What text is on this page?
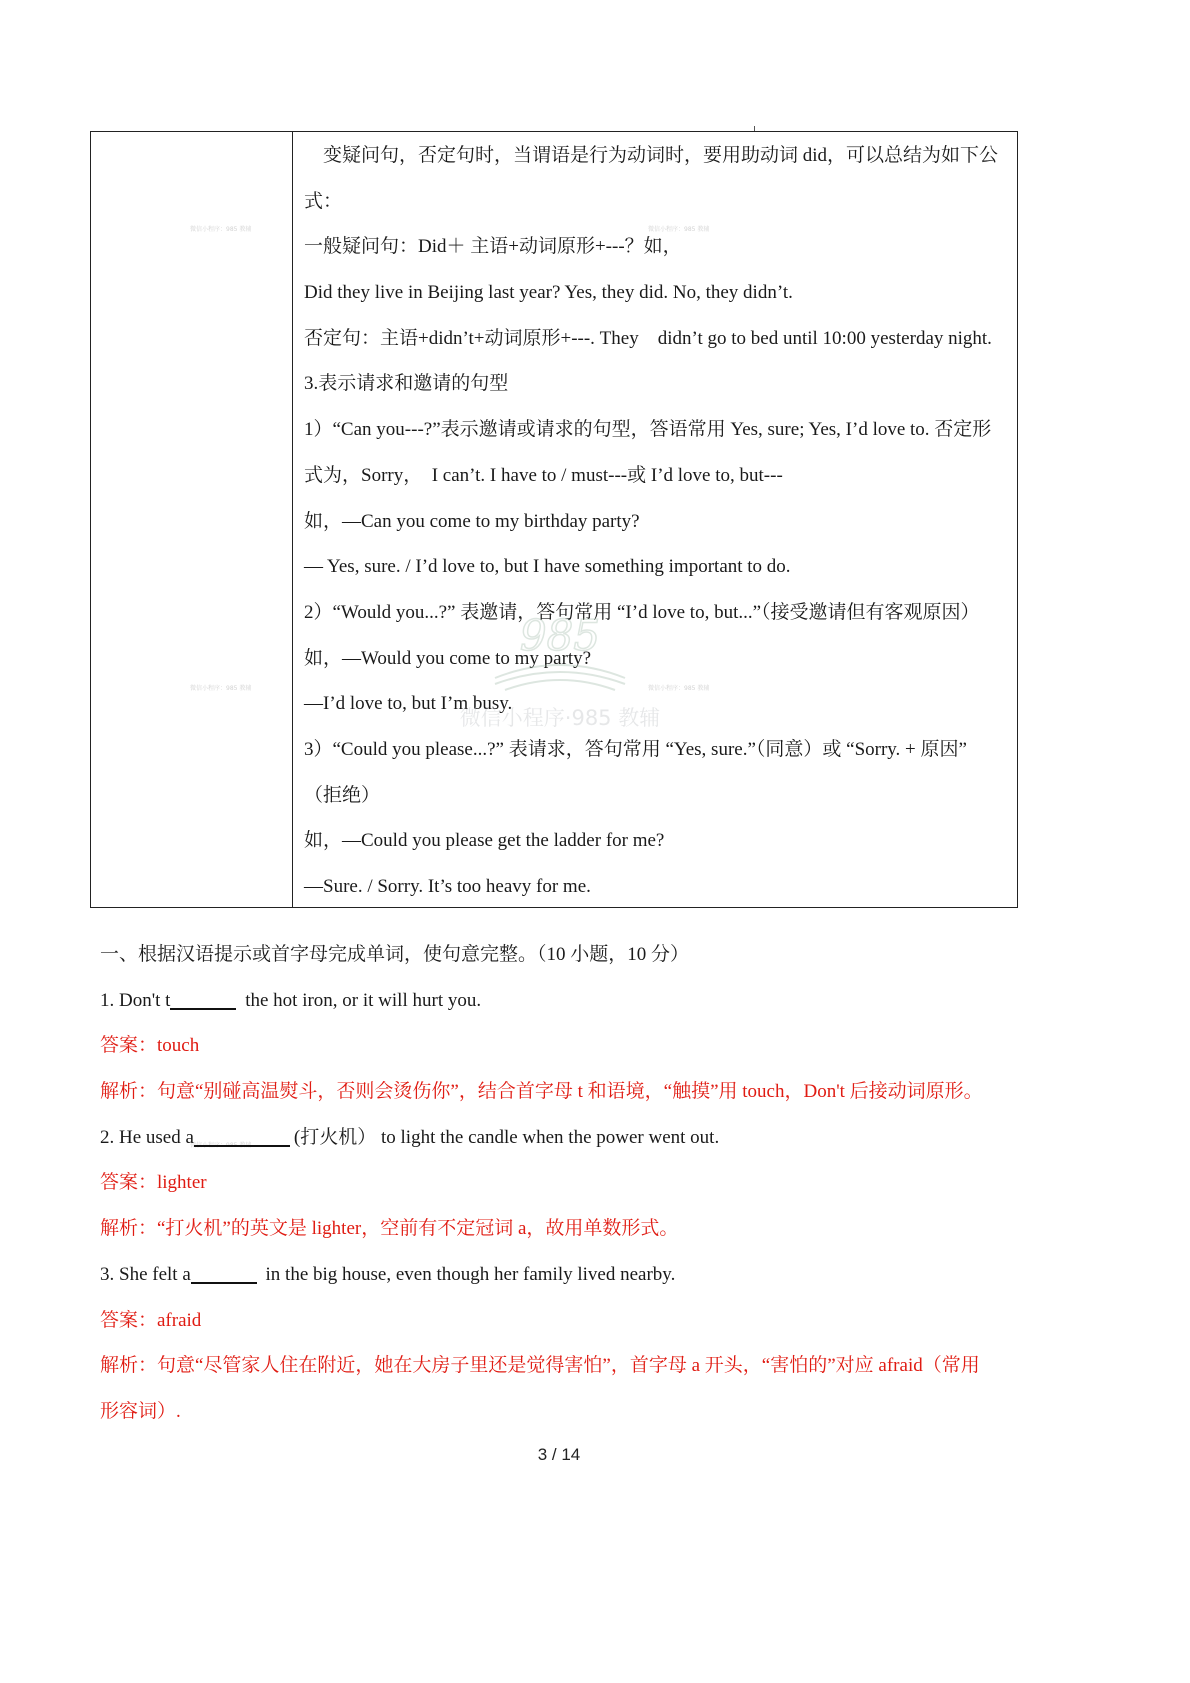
变疑问句，否定句时，当谓语是行为动词时，要用助动词 did，可以总结为如下公
式：
一般疑问句：Did＋ 主语+动词原形+---？如，
Did they live in Beijing last year? Yes, they did. No, they didn’t.
否定句：主语+didn’t+动词原形+---. They　didn’t go to bed until 10:00 yesterday night.
3.表示请求和邀请的句型
1）“Can you---?”表示邀请或请求的句型，答语常用 Yes, sure; Yes, I’d love to. 否定形
式为，Sorry，　I can’t. I have to / must---或 I’d love to, but---
如，—Can you come to my birthday party?
— Yes, sure. / I’d love to, but I have something important to do.
2）“Would you...?” 表邀请，答句常用 “I’d love to, but...”（接受邀请但有客观原因）
如，—Would you come to my party?
—I’d love to, but I’m busy.
3）“Could you please...?” 表请求，答句常用 “Yes, sure.”（同意）或 “Sorry. + 原因”
（拒绝）
如，—Could you please get the ladder for me?
—Sure. / Sorry. It’s too heavy for me.
985
微信小程序·985 教辅
微信小程序：985 教辅	微信小程序：985 教辅
微信小程序：985 教辅	微信小程序：985 教辅
微信小程序：985 教辅
一、根据汉语提示或首字母完成单词，使句意完整。（10 小题，10 分）
1. Don't t	the hot iron, or it will hurt you.
答案：touch
解析：句意“别碰高温熨斗，否则会烫伤你”，结合首字母 t 和语境，“触摸”用 touch，Don't 后接动词原形。
2. He used a	(打火机） to light the candle when the power went out.
答案：lighter
解析：“打火机”的英文是 lighter，空前有不定冠词 a，故用单数形式。
3. She felt a	in the big house, even though her family lived nearby.
答案：afraid
解析：句意“尽管家人住在附近，她在大房子里还是觉得害怕”，首字母 a 开头，“害怕的”对应 afraid（常用
形容词）.
3 / 14
